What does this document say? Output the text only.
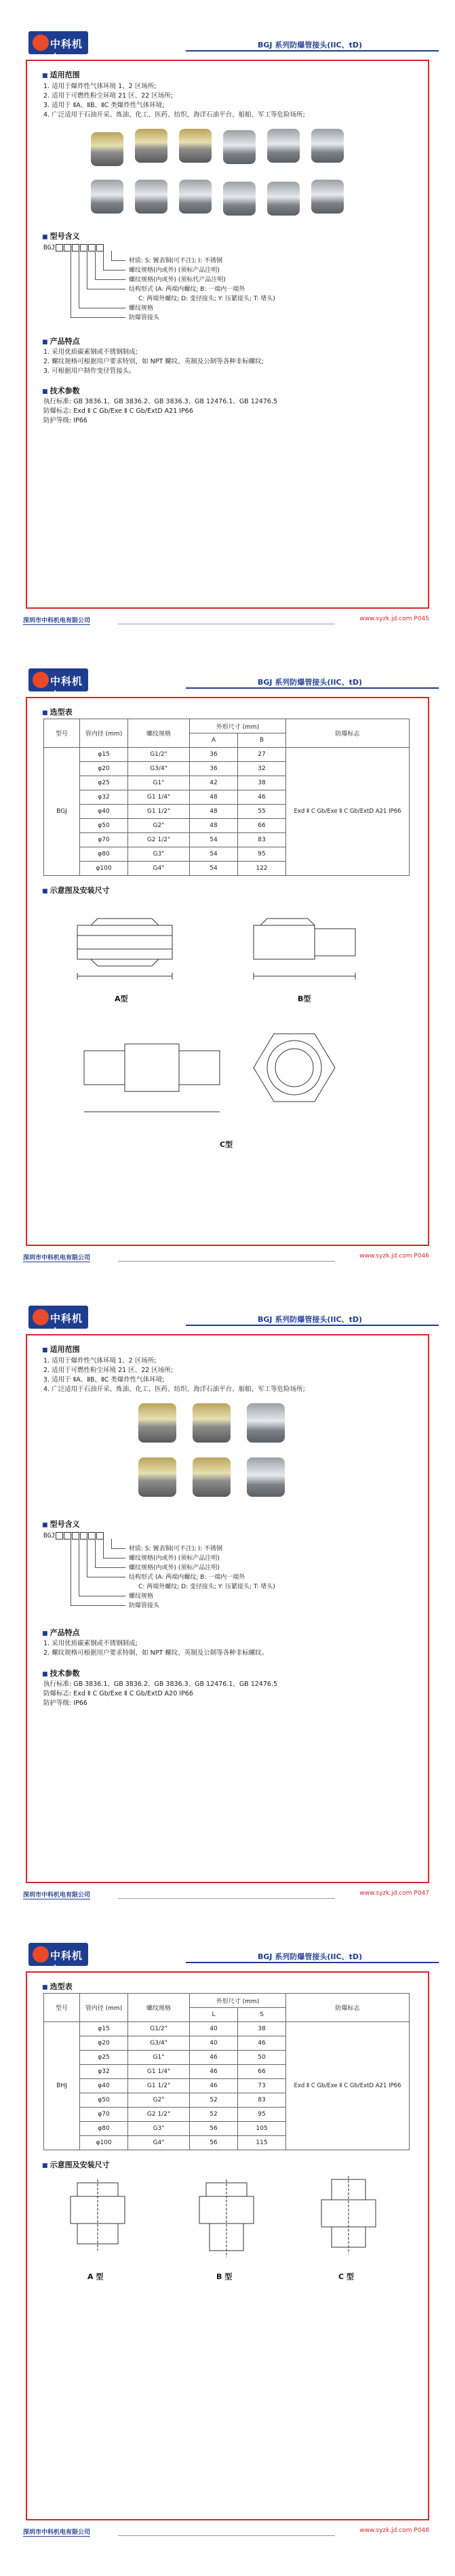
中科机电
BGJ 系列防爆管接头(IIC、tD)
■ 适用范围
1. 适用于爆炸性气体环境 1、2 区场所;
2. 适用于可燃性粉尘环境 21 区、22 区场所;
3. 适用于 ⅡA、ⅡB、ⅡC 类爆炸性气体环境;
4. 广泛适用于石油开采、炼油、化工、医药、纺织、海洋石油平台、船舶、军工等危险场所;
■ 型号含义
BGJ
材质: S: 镀表铜(可不注); I: 不锈钢
螺纹规格(内或外) (须标产品注明)
螺纹规格(内或外) (须标代产品注明)
结构形式 (A: 两端内螺纹; B: 一端内一端外
C: 两端外螺纹; D: 变径接头; Y: 压紧接头; T: 堵头)
螺纹规格
防爆管接头
■ 产品特点
1. 采用优质碳素钢或不锈钢制成;
2. 螺纹规格可根据用户要求特别，如 NPT 螺纹、英制及公制等各种非标螺纹;
3. 可根据用户制作变径管接头。
■ 技术参数
执行标准: GB 3836.1、GB 3836.2、GB 3836.3、GB 12476.1、GB 12476.5
防爆标志: Exd Ⅱ C Gb/Exe Ⅱ C Gb/ExtD A21 IP66
防护等级: IP66
深圳市中科机电有限公司	www.syzk.jd.com P045
中科机电
BGJ 系列防爆管接头(IIC、tD)
■ 选型表
型号	管内径 (mm)	螺纹规格	外形尺寸 (mm)		防爆标志
			A	B	
BGJ	φ15	G1/2"	36	27	Exd Ⅱ C Gb/Exe Ⅱ C Gb/ExtD A21 IP66
	φ20	G3/4"	36	32	
	φ25	G1"	42	38	
	φ32	G1 1/4"	48	46	
	φ40	G1 1/2"	48	55	
	φ50	G2"	48	66	
	φ70	G2 1/2"	54	83	
	φ80	G3"	54	95	
	φ100	G4"	54	122	
■ 示意图及安装尺寸
A型	B型
C型
深圳市中科机电有限公司	www.syzk.jd.com P046
中科机电
BGJ 系列防爆管接头(IIC、tD)
■ 适用范围
1. 适用于爆炸性气体环境 1、2 区场所;
2. 适用于可燃性粉尘环境 21 区、22 区场所;
3. 适用于 ⅡA、ⅡB、ⅡC 类爆炸性气体环境;
4. 广泛适用于石油开采、炼油、化工、医药、纺织、海洋石油平台、船舶、军工等危险场所;
■ 型号含义
BGJ
材质: S: 镀表铜(可不注); I: 不锈钢
螺纹规格(内或外) (须标产品注明)
螺纹规格(内或外) (须标产品注明)
结构形式 (A: 两端内螺纹; B: 一端内一端外
C: 两端外螺纹; D: 变径接头; Y: 压紧接头; T: 堵头)
螺纹规格
防爆管接头
■ 产品特点
1. 采用优质碳素钢或不锈钢制成;
2. 螺纹规格可根据用户要求特制，如 NPT 螺纹、英制及公制等各种非标螺纹。
■ 技术参数
执行标准: GB 3836.1、GB 3836.2、GB 3836.3、GB 12476.1、GB 12476.5
防爆标志: Exd Ⅱ C Gb/Exe Ⅱ C Gb/ExtD A20 IP66
防护等级: IP66
深圳市中科机电有限公司	www.syzk.jd.com P047
中科机电
BGJ 系列防爆管接头(IIC、tD)
■ 选型表
型号	管内径 (mm)	螺纹规格	外形尺寸 (mm)		防爆标志
			L	S	
BHJ	φ15	G1/2"	40	38	Exd Ⅱ C Gb/Exe Ⅱ C Gb/ExtD A21 IP66
	φ20	G3/4"	40	46	
	φ25	G1"	46	50	
	φ32	G1 1/4"	46	66	
	φ40	G1 1/2"	46	73	
	φ50	G2"	52	83	
	φ70	G2 1/2"	52	95	
	φ80	G3"	56	105	
	φ100	G4"	56	115	
■ 示意图及安装尺寸
A 型	B 型	C 型
深圳市中科机电有限公司	www.syzk.jd.com P048
